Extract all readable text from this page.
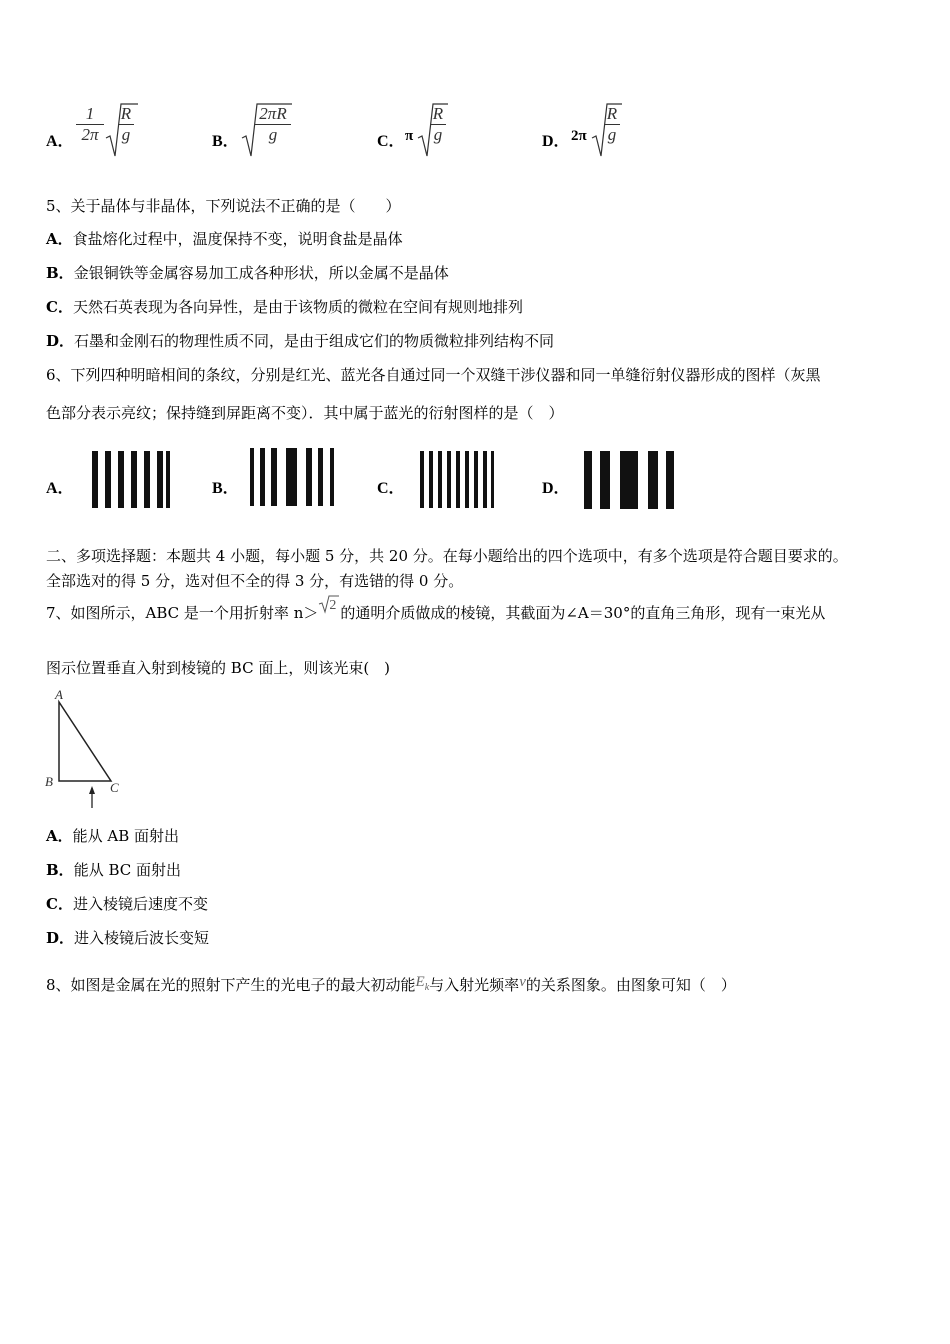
A． $\frac{1}{2\pi} \frac{R}{g}$	B． $\frac{2\pi R}{g}$	C． π $\frac{R}{g}$	D． $2\pi \frac{R}{g}$
5、关于晶体与非晶体，下列说法不正确的是（　　）
A．食盐熔化过程中，温度保持不变，说明食盐是晶体
B．金银铜铁等金属容易加工成各种形状，所以金属不是晶体
C．天然石英表现为各向异性，是由于该物质的微粒在空间有规则地排列
D．石墨和金刚石的物理性质不同，是由于组成它们的物质微粒排列结构不同
6、下列四种明暗相间的条纹，分别是红光、蓝光各自通过同一个双缝干涉仪器和同一单缝衍射仪器形成的图样（灰黑
色部分表示亮纹；保持缝到屏距离不变）．其中属于蓝光的衍射图样的是（　）
A．	B．	C．	D．
二、多项选择题：本题共 4 小题，每小题 5 分，共 20 分。在每小题给出的四个选项中，有多个选项是符合题目要求的。
全部选对的得 5 分，选对但不全的得 3 分，有选错的得 0 分。
7、如图所示，ABC 是一个用折射率 n＞ 2 的通明介质做成的棱镜，其截面为∠A＝30°的直角三角形，现有一束光从
图示位置垂直入射到棱镜的 BC 面上，则该光束(　)
A
B	C
A．能从 AB 面射出
B．能从 BC 面射出
C．进入棱镜后速度不变
D．进入棱镜后波长变短
8、如图是金属在光的照射下产生的光电子的最大初动能$E_k$与入射光频率ν的关系图象。由图象可知（　）
